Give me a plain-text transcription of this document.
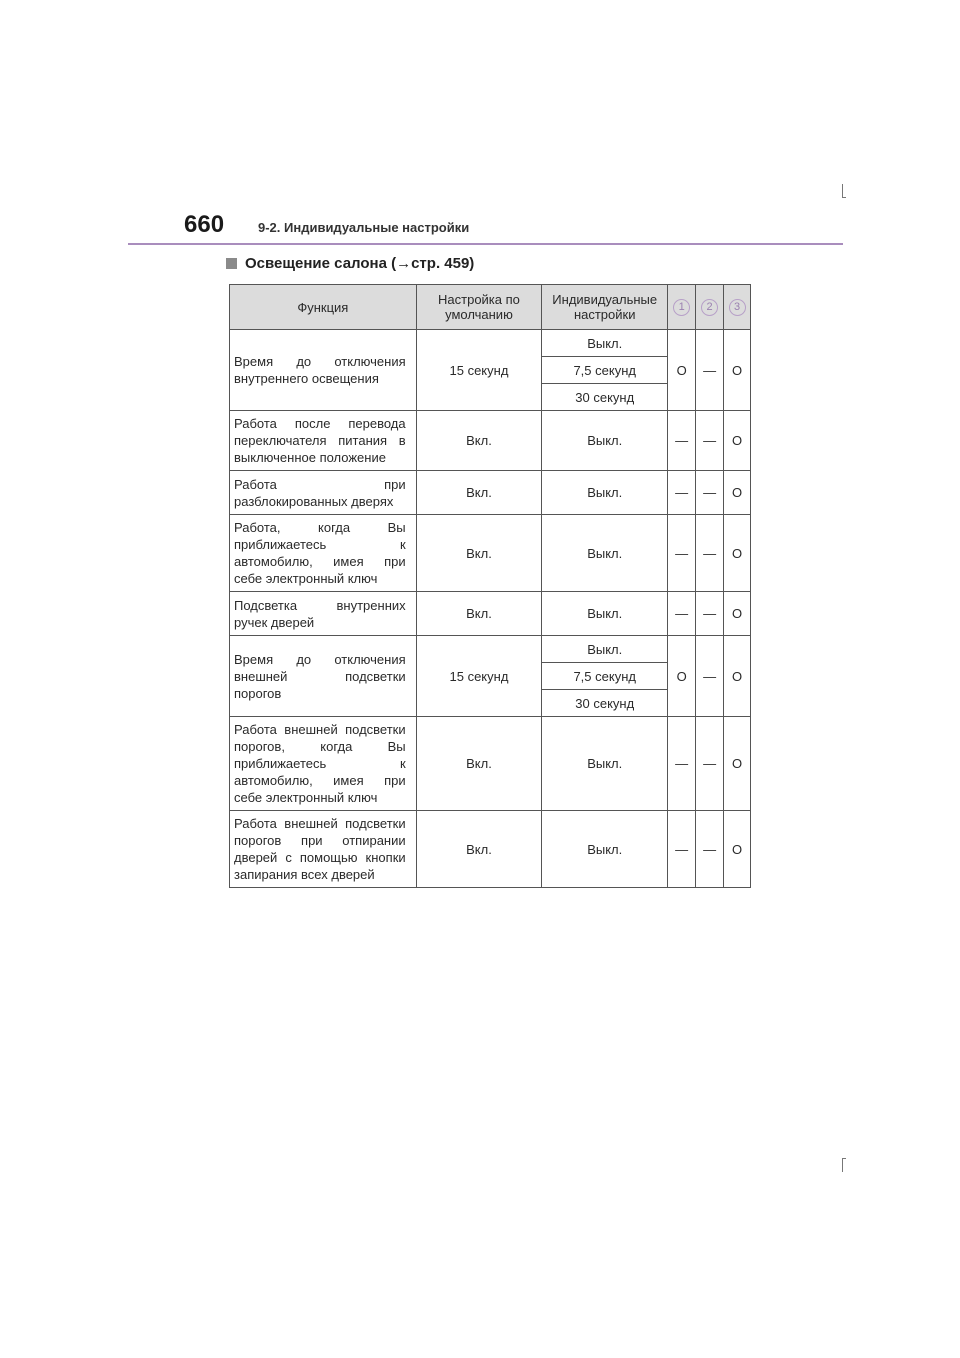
660	9-2. Индивидуальные настройки
Освещение салона ( → стр. 459)
Функция	Настройка по умолчанию	Индивидуальные настройки	1	2	3

Время до отключения
внутреннего освещения	15 секунд	Выкл.	O	—	O
		7,5 секунд			
		30 секунд			

Работа после перевода
переключателя питания в
выключенное положение	Вкл.	Выкл.	—	—	O

Работа при
разблокированных дверях	Вкл.	Выкл.	—	—	O

Работа, когда Вы
приближаетесь к
автомобилю, имея при
себе электронный ключ	Вкл.	Выкл.	—	—	O

Подсветка внутренних
ручек дверей	Вкл.	Выкл.	—	—	O

Время до отключения
внешней подсветки
порогов	15 секунд	Выкл.	O	—	O
		7,5 секунд			
		30 секунд			

Работа внешней подсветки
порогов, когда Вы
приближаетесь к
автомобилю, имея при
себе электронный ключ	Вкл.	Выкл.	—	—	O

Работа внешней подсветки
порогов при отпирании
дверей с помощью кнопки
запирания всех дверей	Вкл.	Выкл.	—	—	O
